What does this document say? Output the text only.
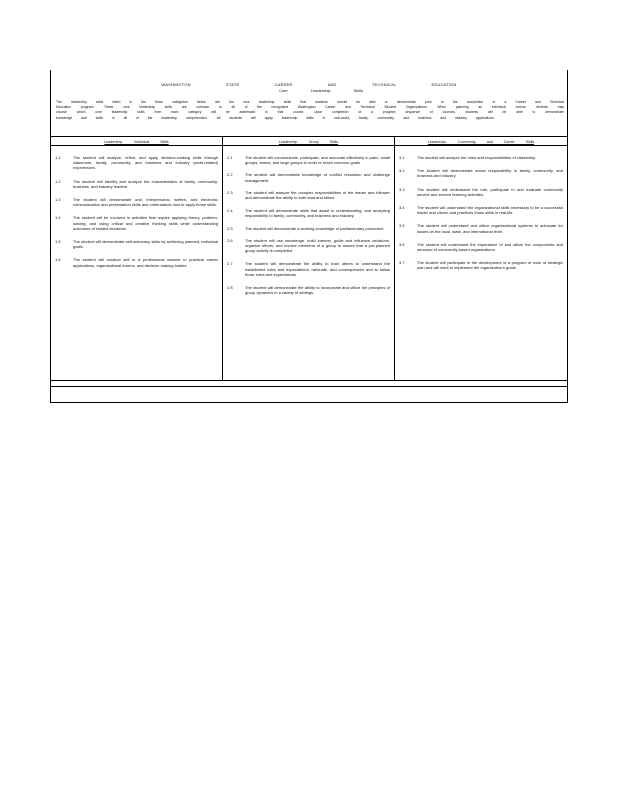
WASHINGTON STATE CAREER AND TECHNICAL EDUCATION
Core Leadership Skills
The leadership skills listed in the three categories below are the core leadership skills that students should be able to demonstrate prior to the completion of a Career and Technical Education program. These core leadership skills are common to all of the recognized Washington Career and Technical Student Organizations. When planning an individual course, districts may choose which core leadership skills from each category will be addressed in that course. Upon completion of a program sequence of courses, students will be able to demonstrate knowledge and skills in all of the leadership competencies. All students will apply leadership skills in real-world, family, community, and business and industry applications.
Leadership: Individual Skills
1.1	The student will analyze, refine, and apply decision-making skills through classroom, family, community, and business and industry (work-related) experiences.
1.2	The student will identify and analyze the characteristics of family, community, business, and industry leaders.
1.3	The student will demonstrate oral, interpersonal, written, and electronic communication and presentation skills and understands how to apply those skills.
1.4	The student will be involved in activities that require applying theory, problem-solving, and using critical and creative thinking skills while understanding outcomes of related decisions.
1.5	The student will demonstrate self-advocacy skills by achieving planned, individual goals.
1.6	The student will conduct self in a professional manner in practical career applications, organizational forums, and decision-making bodies.
Leadership: Group Skills
2.1	The student will communicate, participate, and advocate effectively in pairs, small groups, teams, and large groups in order to reach common goals.
2.2	The student will demonstrate knowledge of conflict resolution and challenge management.
2.3	The student will analyze the complex responsibilities of the leader and follower and demonstrate the ability to both lead and follow.
2.4	The student will demonstrate skills that assist in understanding, and accepting responsibility to family, community, and business and industry.
2.5	The student will demonstrate a working knowledge of parliamentary procedure.
2.6	The student will use knowledge, build interest, guide and influence decisions, organize efforts, and involve members of a group to assure that a pre-planned group activity is completed.
2.7	The student will demonstrate the ability to train others to understand the established rules and expectations, rationale, and consequences and to follow those rules and expectations.
2.8	The student will demonstrate the ability to incorporate and utilize the principles of group dynamics in a variety of settings.
Leadership: Community and Career Skills
3.1	The student will analyze the roles and responsibilities of citizenship.
3.2	The student will demonstrate social responsibility in family, community, and business and industry.
3.3	The student will understand the role, participate in and evaluate community service and service learning activities.
3.4	The student will understand the organizational skills necessary to be a successful leader and citizen and practices those skills in real-life.
3.5	The student will understand and utilize organizational systems to advocate for issues on the local, state, and international level.
3.6	The student will understand the importance of and utilize the components and structure of community-based organizations.
3.7	The student will participate in the development of a program of work or strategic plan and will work to implement the organization's goals.
